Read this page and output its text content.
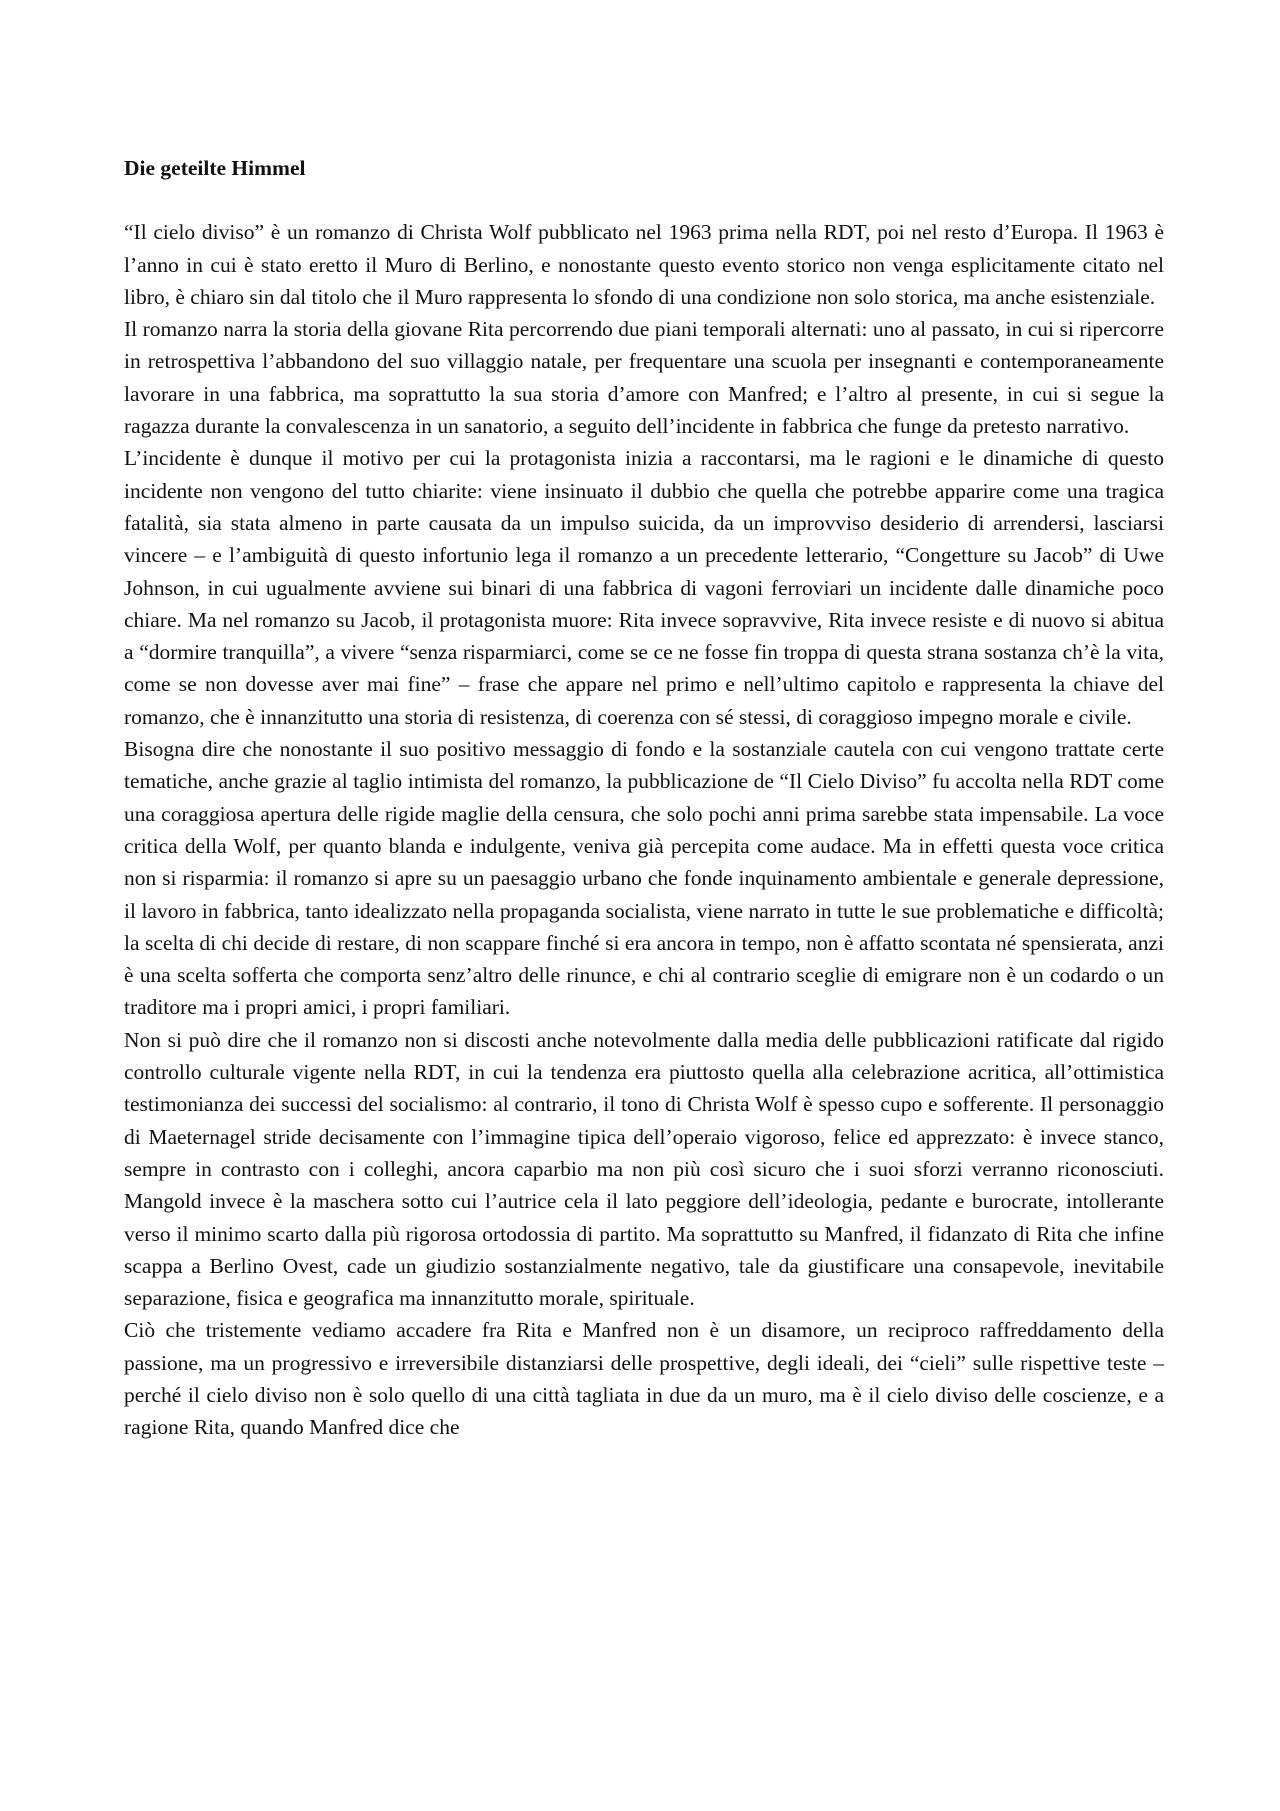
Die geteilte Himmel

“Il cielo diviso” è un romanzo di Christa Wolf pubblicato nel 1963 prima nella RDT, poi nel resto d’Europa. Il 1963 è l’anno in cui è stato eretto il Muro di Berlino, e nonostante questo evento storico non venga esplicitamente citato nel libro, è chiaro sin dal titolo che il Muro rappresenta lo sfondo di una condizione non solo storica, ma anche esistenziale.

Il romanzo narra la storia della giovane Rita percorrendo due piani temporali alternati: uno al passato, in cui si ripercorre in retrospettiva l’abbandono del suo villaggio natale, per frequentare una scuola per insegnanti e contemporaneamente lavorare in una fabbrica, ma soprattutto la sua storia d’amore con Manfred; e l’altro al presente, in cui si segue la ragazza durante la convalescenza in un sanatorio, a seguito dell’incidente in fabbrica che funge da pretesto narrativo.

L’incidente è dunque il motivo per cui la protagonista inizia a raccontarsi, ma le ragioni e le dinamiche di questo incidente non vengono del tutto chiarite: viene insinuato il dubbio che quella che potrebbe apparire come una tragica fatalità, sia stata almeno in parte causata da un impulso suicida, da un improvviso desiderio di arrendersi, lasciarsi vincere – e l’ambiguità di questo infortunio lega il romanzo a un precedente letterario, “Congetture su Jacob” di Uwe Johnson, in cui ugualmente avviene sui binari di una fabbrica di vagoni ferroviari un incidente dalle dinamiche poco chiare. Ma nel romanzo su Jacob, il protagonista muore: Rita invece sopravvive, Rita invece resiste e di nuovo si abitua a “dormire tranquilla”, a vivere “senza risparmiarci, come se ce ne fosse fin troppa di questa strana sostanza ch’è la vita, come se non dovesse aver mai fine” – frase che appare nel primo e nell’ultimo capitolo e rappresenta la chiave del romanzo, che è innanzitutto una storia di resistenza, di coerenza con sé stessi, di coraggioso impegno morale e civile.

Bisogna dire che nonostante il suo positivo messaggio di fondo e la sostanziale cautela con cui vengono trattate certe tematiche, anche grazie al taglio intimista del romanzo, la pubblicazione de “Il Cielo Diviso” fu accolta nella RDT come una coraggiosa apertura delle rigide maglie della censura, che solo pochi anni prima sarebbe stata impensabile. La voce critica della Wolf, per quanto blanda e indulgente, veniva già percepita come audace. Ma in effetti questa voce critica non si risparmia: il romanzo si apre su un paesaggio urbano che fonde inquinamento ambientale e generale depressione, il lavoro in fabbrica, tanto idealizzato nella propaganda socialista, viene narrato in tutte le sue problematiche e difficoltà; la scelta di chi decide di restare, di non scappare finché si era ancora in tempo, non è affatto scontata né spensierata, anzi è una scelta sofferta che comporta senz’altro delle rinunce, e chi al contrario sceglie di emigrare non è un codardo o un traditore ma i propri amici, i propri familiari.

Non si può dire che il romanzo non si discosti anche notevolmente dalla media delle pubblicazioni ratificate dal rigido controllo culturale vigente nella RDT, in cui la tendenza era piuttosto quella alla celebrazione acritica, all’ottimistica testimonianza dei successi del socialismo: al contrario, il tono di Christa Wolf è spesso cupo e sofferente. Il personaggio di Maeternagel stride decisamente con l’immagine tipica dell’operaio vigoroso, felice ed apprezzato: è invece stanco, sempre in contrasto con i colleghi, ancora caparbio ma non più così sicuro che i suoi sforzi verranno riconosciuti. Mangold invece è la maschera sotto cui l’autrice cela il lato peggiore dell’ideologia, pedante e burocrate, intollerante verso il minimo scarto dalla più rigorosa ortodossia di partito. Ma soprattutto su Manfred, il fidanzato di Rita che infine scappa a Berlino Ovest, cade un giudizio sostanzialmente negativo, tale da giustificare una consapevole, inevitabile separazione, fisica e geografica ma innanzitutto morale, spirituale.

Ciò che tristemente vediamo accadere fra Rita e Manfred non è un disamore, un reciproco raffreddamento della passione, ma un progressivo e irreversibile distanziarsi delle prospettive, degli ideali, dei “cieli” sulle rispettive teste – perché il cielo diviso non è solo quello di una città tagliata in due da un muro, ma è il cielo diviso delle coscienze, e a ragione Rita, quando Manfred dice che
